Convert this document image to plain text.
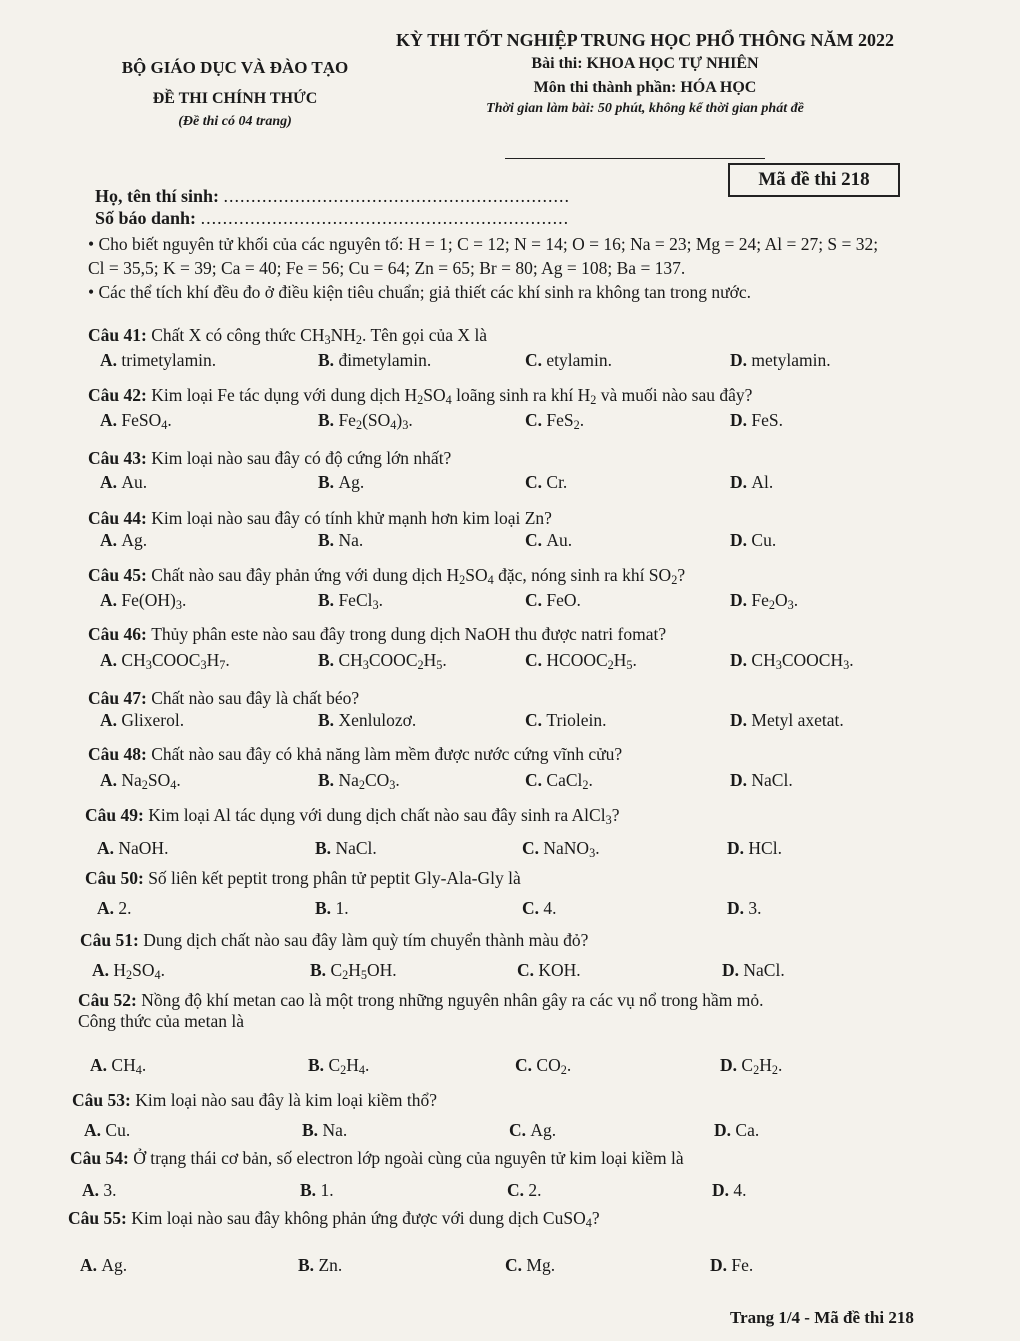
BỘ GIÁO DỤC VÀ ĐÀO TẠO
ĐỀ THI CHÍNH THỨC
(Đề thi có 04 trang)
KỲ THI TỐT NGHIỆP TRUNG HỌC PHỔ THÔNG NĂM 2022
Bài thi: KHOA HỌC TỰ NHIÊN
Môn thi thành phần: HÓA HỌC
Thời gian làm bài: 50 phút, không kể thời gian phát đề
Mã đề thi 218
Họ, tên thí sinh: ...............................................................
Số báo danh: ...................................................................
• Cho biết nguyên tử khối của các nguyên tố: H = 1; C = 12; N = 14; O = 16; Na = 23; Mg = 24; Al = 27; S = 32; Cl = 35,5; K = 39; Ca = 40; Fe = 56; Cu = 64; Zn = 65; Br = 80; Ag = 108; Ba = 137.
• Các thể tích khí đều đo ở điều kiện tiêu chuẩn; giả thiết các khí sinh ra không tan trong nước.
Câu 41: Chất X có công thức $CH_3NH_2$. Tên gọi của X là
A. trimetylamin.	B. đimetylamin.	C. etylamin.	D. metylamin.
Câu 42: Kim loại Fe tác dụng với dung dịch $H_2SO_4$ loãng sinh ra khí $H_2$ và muối nào sau đây?
A. FeSO$_4$.	B. $Fe_2(SO_4)_3$.	C. FeS$_2$.	D. FeS.
Câu 43: Kim loại nào sau đây có độ cứng lớn nhất?
A. Au.	B. Ag.	C. Cr.	D. Al.
Câu 44: Kim loại nào sau đây có tính khử mạnh hơn kim loại Zn?
A. Ag.	B. Na.	C. Au.	D. Cu.
Câu 45: Chất nào sau đây phản ứng với dung dịch $H_2SO_4$ đặc, nóng sinh ra khí $SO_2$?
A. $Fe(OH)_3$.	B. FeCl$_3$.	C. FeO.	D. $Fe_2O_3$.
Câu 46: Thủy phân este nào sau đây trong dung dịch NaOH thu được natri fomat?
A. $CH_3COOC_3H_7$.	B. $CH_3COOC_2H_5$.	C. $HCOOC_2H_5$.	D. $CH_3COOCH_3$.
Câu 47: Chất nào sau đây là chất béo?
A. Glixerol.	B. Xenlulozơ.	C. Triolein.	D. Metyl axetat.
Câu 48: Chất nào sau đây có khả năng làm mềm được nước cứng vĩnh cửu?
A. $Na_2SO_4$.	B. $Na_2CO_3$.	C. CaCl$_2$.	D. NaCl.
Câu 49: Kim loại Al tác dụng với dung dịch chất nào sau đây sinh ra AlCl$_3$?
A. NaOH.	B. NaCl.	C. NaNO$_3$.	D. HCl.
Câu 50: Số liên kết peptit trong phân tử peptit Gly-Ala-Gly là
A. 2.	B. 1.	C. 4.	D. 3.
Câu 51: Dung dịch chất nào sau đây làm quỳ tím chuyển thành màu đỏ?
A. $H_2SO_4$.	B. $C_2H_5OH$.	C. KOH.	D. NaCl.
Câu 52: Nồng độ khí metan cao là một trong những nguyên nhân gây ra các vụ nổ trong hầm mỏ.
Công thức của metan là
A. $CH_4$.	B. $C_2H_4$.	C. $CO_2$.	D. $C_2H_2$.
Câu 53: Kim loại nào sau đây là kim loại kiềm thổ?
A. Cu.	B. Na.	C. Ag.	D. Ca.
Câu 54: Ở trạng thái cơ bản, số electron lớp ngoài cùng của nguyên tử kim loại kiềm là
A. 3.	B. 1.	C. 2.	D. 4.
Câu 55: Kim loại nào sau đây không phản ứng được với dung dịch CuSO$_4$?
A. Ag.	B. Zn.	C. Mg.	D. Fe.
Trang 1/4 - Mã đề thi 218
